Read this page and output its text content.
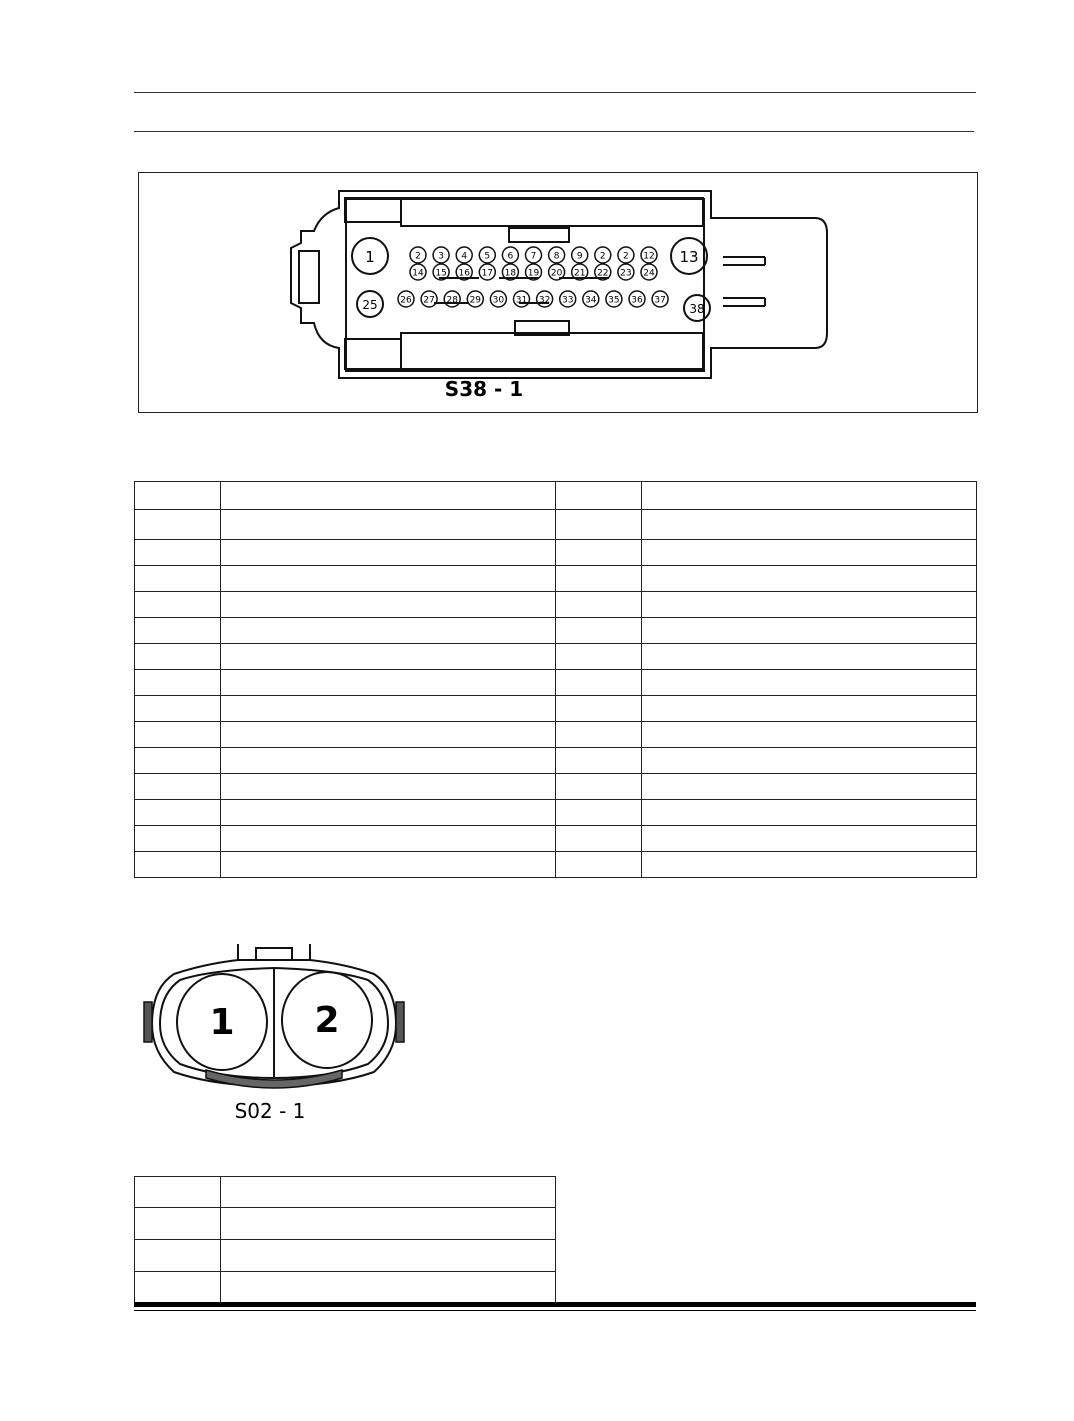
1	13
25	38
2 3 4 5 6 7 8 9 2 2 12
14 15 16 17 18 19 20 21 22 23 24
26 27 28 29 30 31 32 33 34 35 36 37
S38 - 1

1 2
S02 - 1
